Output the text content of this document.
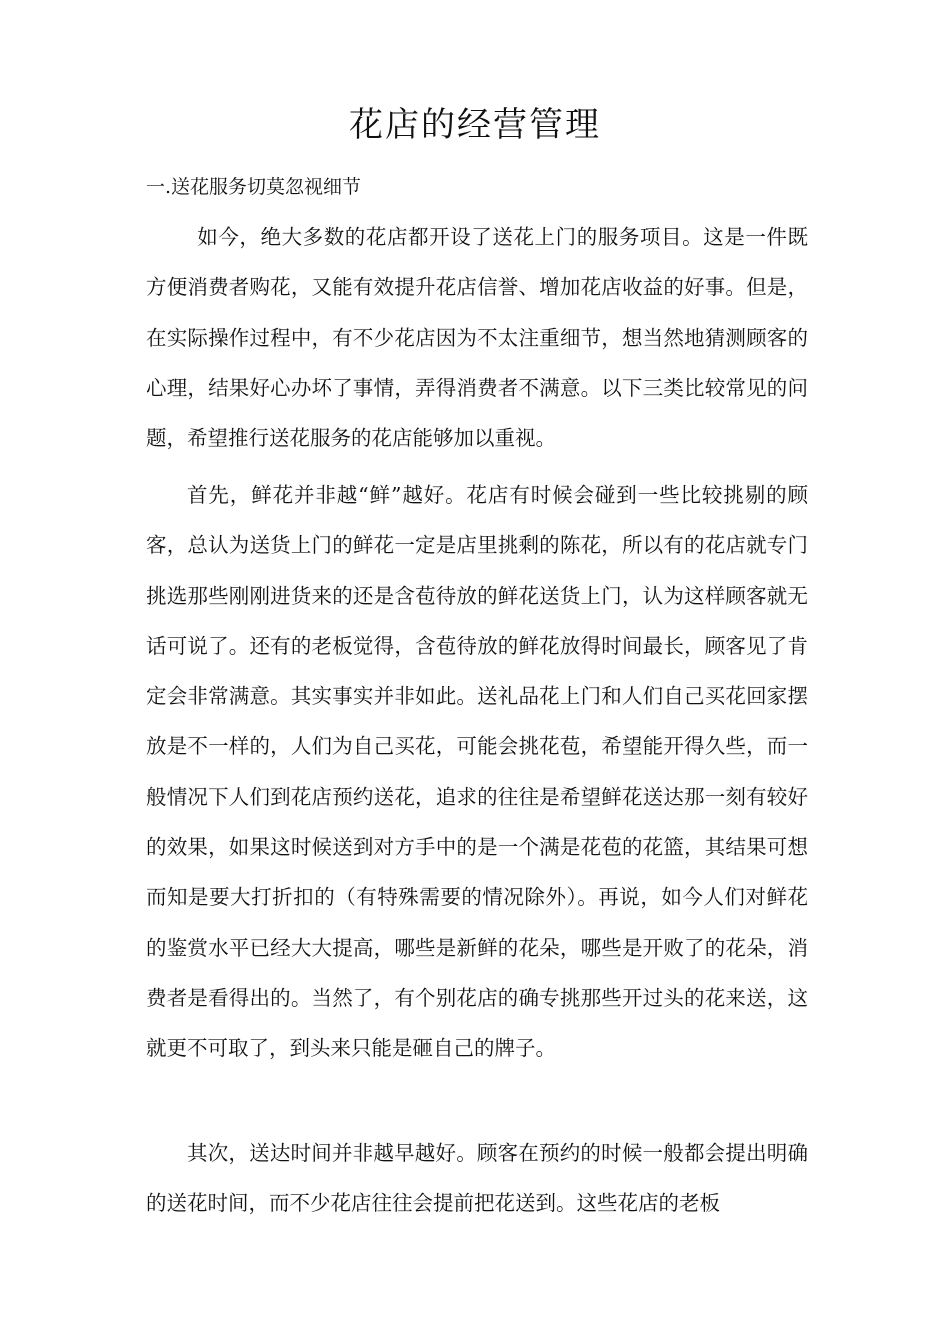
花店的经营管理
一.送花服务切莫忽视细节

如今，绝大多数的花店都开设了送花上门的服务项目。这是一件既方便消费者购花，又能有效提升花店信誉、增加花店收益的好事。但是，在实际操作过程中，有不少花店因为不太注重细节，想当然地猜测顾客的心理，结果好心办坏了事情，弄得消费者不满意。以下三类比较常见的问题，希望推行送花服务的花店能够加以重视。

首先，鲜花并非越“鲜”越好。花店有时候会碰到一些比较挑剔的顾客，总认为送货上门的鲜花一定是店里挑剩的陈花，所以有的花店就专门挑选那些刚刚进货来的还是含苞待放的鲜花送货上门，认为这样顾客就无话可说了。还有的老板觉得，含苞待放的鲜花放得时间最长，顾客见了肯定会非常满意。其实事实并非如此。送礼品花上门和人们自己买花回家摆放是不一样的，人们为自己买花，可能会挑花苞，希望能开得久些，而一般情况下人们到花店预约送花，追求的往往是希望鲜花送达那一刻有较好的效果，如果这时候送到对方手中的是一个满是花苞的花篮，其结果可想而知是要大打折扣的（有特殊需要的情况除外）。再说，如今人们对鲜花的鉴赏水平已经大大提高，哪些是新鲜的花朵，哪些是开败了的花朵，消费者是看得出的。当然了，有个别花店的确专挑那些开过头的花来送，这就更不可取了，到头来只能是砸自己的牌子。

其次，送达时间并非越早越好。顾客在预约的时候一般都会提出明确的送花时间，而不少花店往往会提前把花送到。这些花店的老板
